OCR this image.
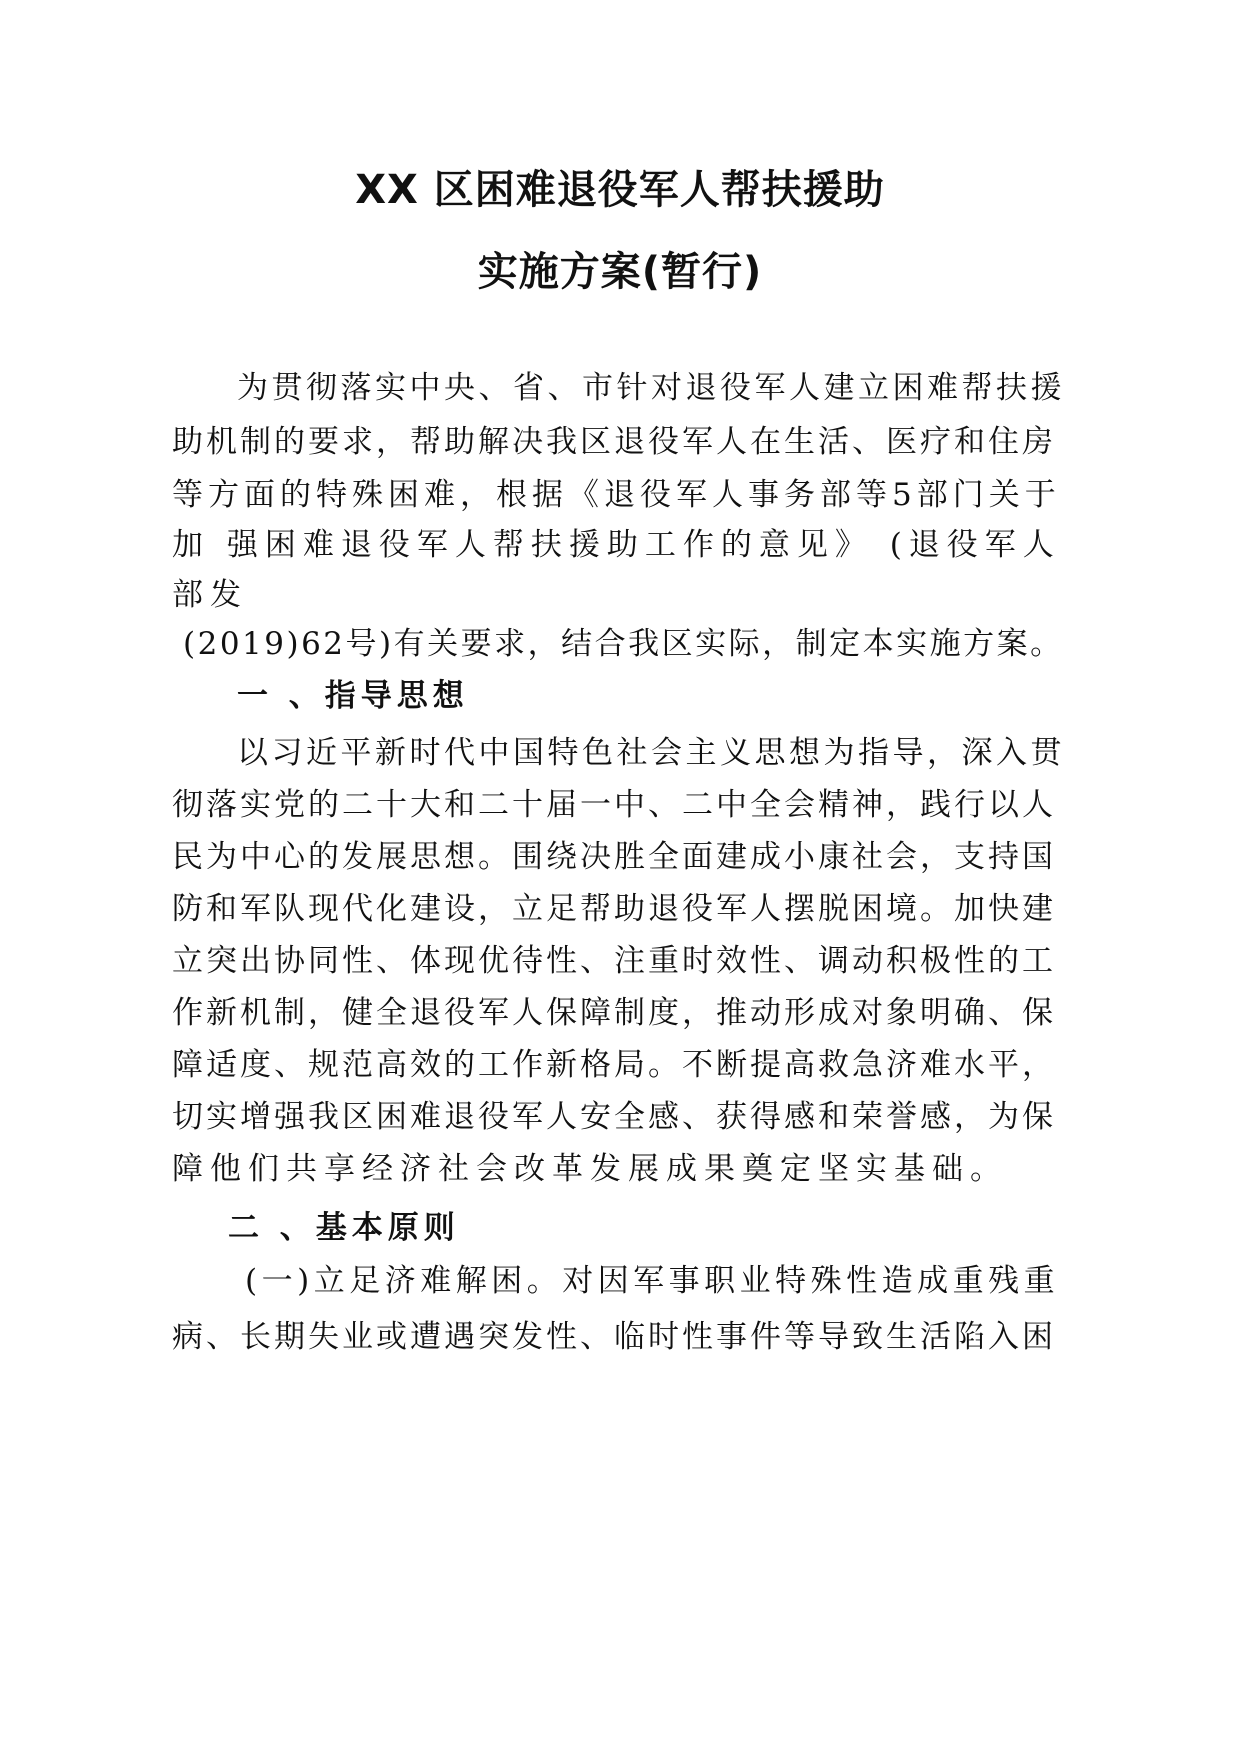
XX 区困难退役军人帮扶援助
实施方案(暂行)

为贯彻落实中央、省、市针对退役军人建立困难帮扶援

助机制的要求，帮助解决我区退役军人在生活、医疗和住房

等方面的特殊困难，根据《退役军人事务部等5部门关于

加 强困难退役军人帮扶援助工作的意见》 (退役军人

部发

(2019)62号)有关要求，结合我区实际，制定本实施方案。

一 、指导思想

以习近平新时代中国特色社会主义思想为指导，深入贯

彻落实党的二十大和二十届一中、二中全会精神，践行以人

民为中心的发展思想。围绕决胜全面建成小康社会，支持国

防和军队现代化建设，立足帮助退役军人摆脱困境。加快建

立突出协同性、体现优待性、注重时效性、调动积极性的工

作新机制，健全退役军人保障制度，推动形成对象明确、保

障适度、规范高效的工作新格局。不断提高救急济难水平，

切实增强我区困难退役军人安全感、获得感和荣誉感，为保

障他们共享经济社会改革发展成果奠定坚实基础。

二 、基本原则

(一)立足济难解困。对因军事职业特殊性造成重残重

病、长期失业或遭遇突发性、临时性事件等导致生活陷入困
